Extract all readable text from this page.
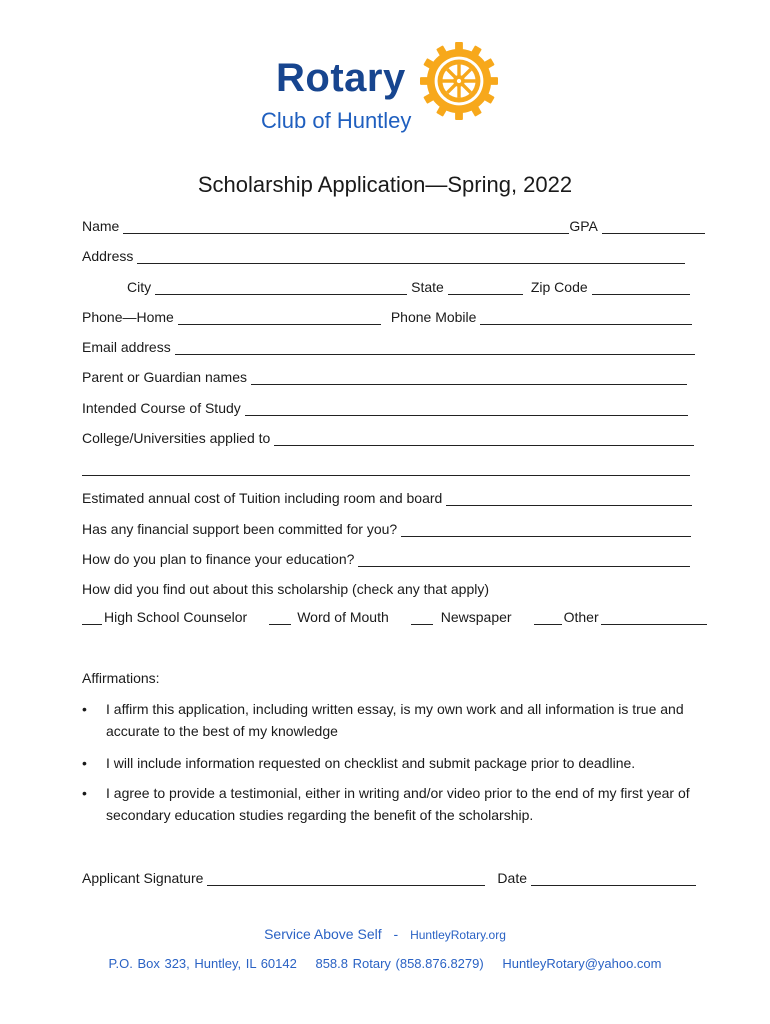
Rotary
Club of Huntley
Scholarship Application—Spring, 2022
Name	GPA
Address
City	State	Zip Code
Phone—Home	Phone Mobile
Email address
Parent or Guardian names
Intended Course of Study
College/Universities applied to
Estimated annual cost of Tuition including room and board
Has any financial support been committed for you?
How do you plan to finance your education?
How did you find out about this scholarship (check any that apply)
High School Counselor	Word of Mouth	Newspaper	Other
Affirmations:
•	I affirm this application, including written essay, is my own work and all information is true and accurate to the best of my knowledge
•	I will include information requested on checklist and submit package prior to deadline.
•	I agree to provide a testimonial, either in writing and/or video prior to the end of my first year of secondary education studies regarding the benefit of the scholarship.
Applicant Signature	Date
Service Above Self - HuntleyRotary.org
P.O. Box 323, Huntley, IL 60142 858.8 Rotary (858.876.8279) HuntleyRotary@yahoo.com
